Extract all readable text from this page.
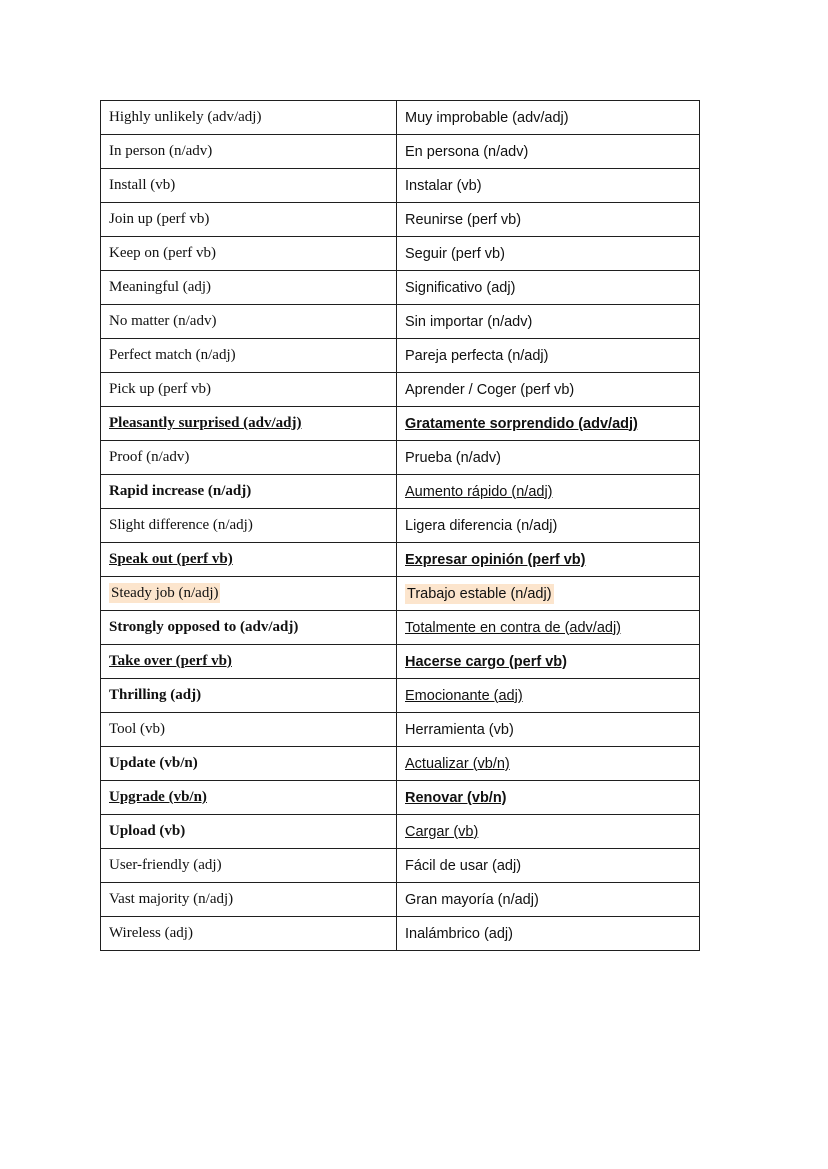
Highly unlikely (adv/adj)	Muy improbable (adv/adj)
In person (n/adv)	En persona (n/adv)
Install (vb)	Instalar (vb)
Join up (perf vb)	Reunirse (perf vb)
Keep on (perf vb)	Seguir (perf vb)
Meaningful (adj)	Significativo (adj)
No matter (n/adv)	Sin importar (n/adv)
Perfect match (n/adj)	Pareja perfecta (n/adj)
Pick up (perf vb)	Aprender / Coger (perf vb)
Pleasantly surprised (adv/adj)	Gratamente sorprendido (adv/adj)
Proof (n/adv)	Prueba (n/adv)
Rapid increase (n/adj)	Aumento rápido (n/adj)
Slight difference (n/adj)	Ligera diferencia (n/adj)
Speak out (perf vb)	Expresar opinión (perf vb)
Steady job (n/adj)	Trabajo estable (n/adj)
Strongly opposed to (adv/adj)	Totalmente en contra de (adv/adj)
Take over (perf vb)	Hacerse cargo (perf vb)
Thrilling (adj)	Emocionante (adj)
Tool (vb)	Herramienta (vb)
Update (vb/n)	Actualizar (vb/n)
Upgrade (vb/n)	Renovar (vb/n)
Upload (vb)	Cargar (vb)
User-friendly (adj)	Fácil de usar (adj)
Vast majority (n/adj)	Gran mayoría (n/adj)
Wireless (adj)	Inalámbrico (adj)
